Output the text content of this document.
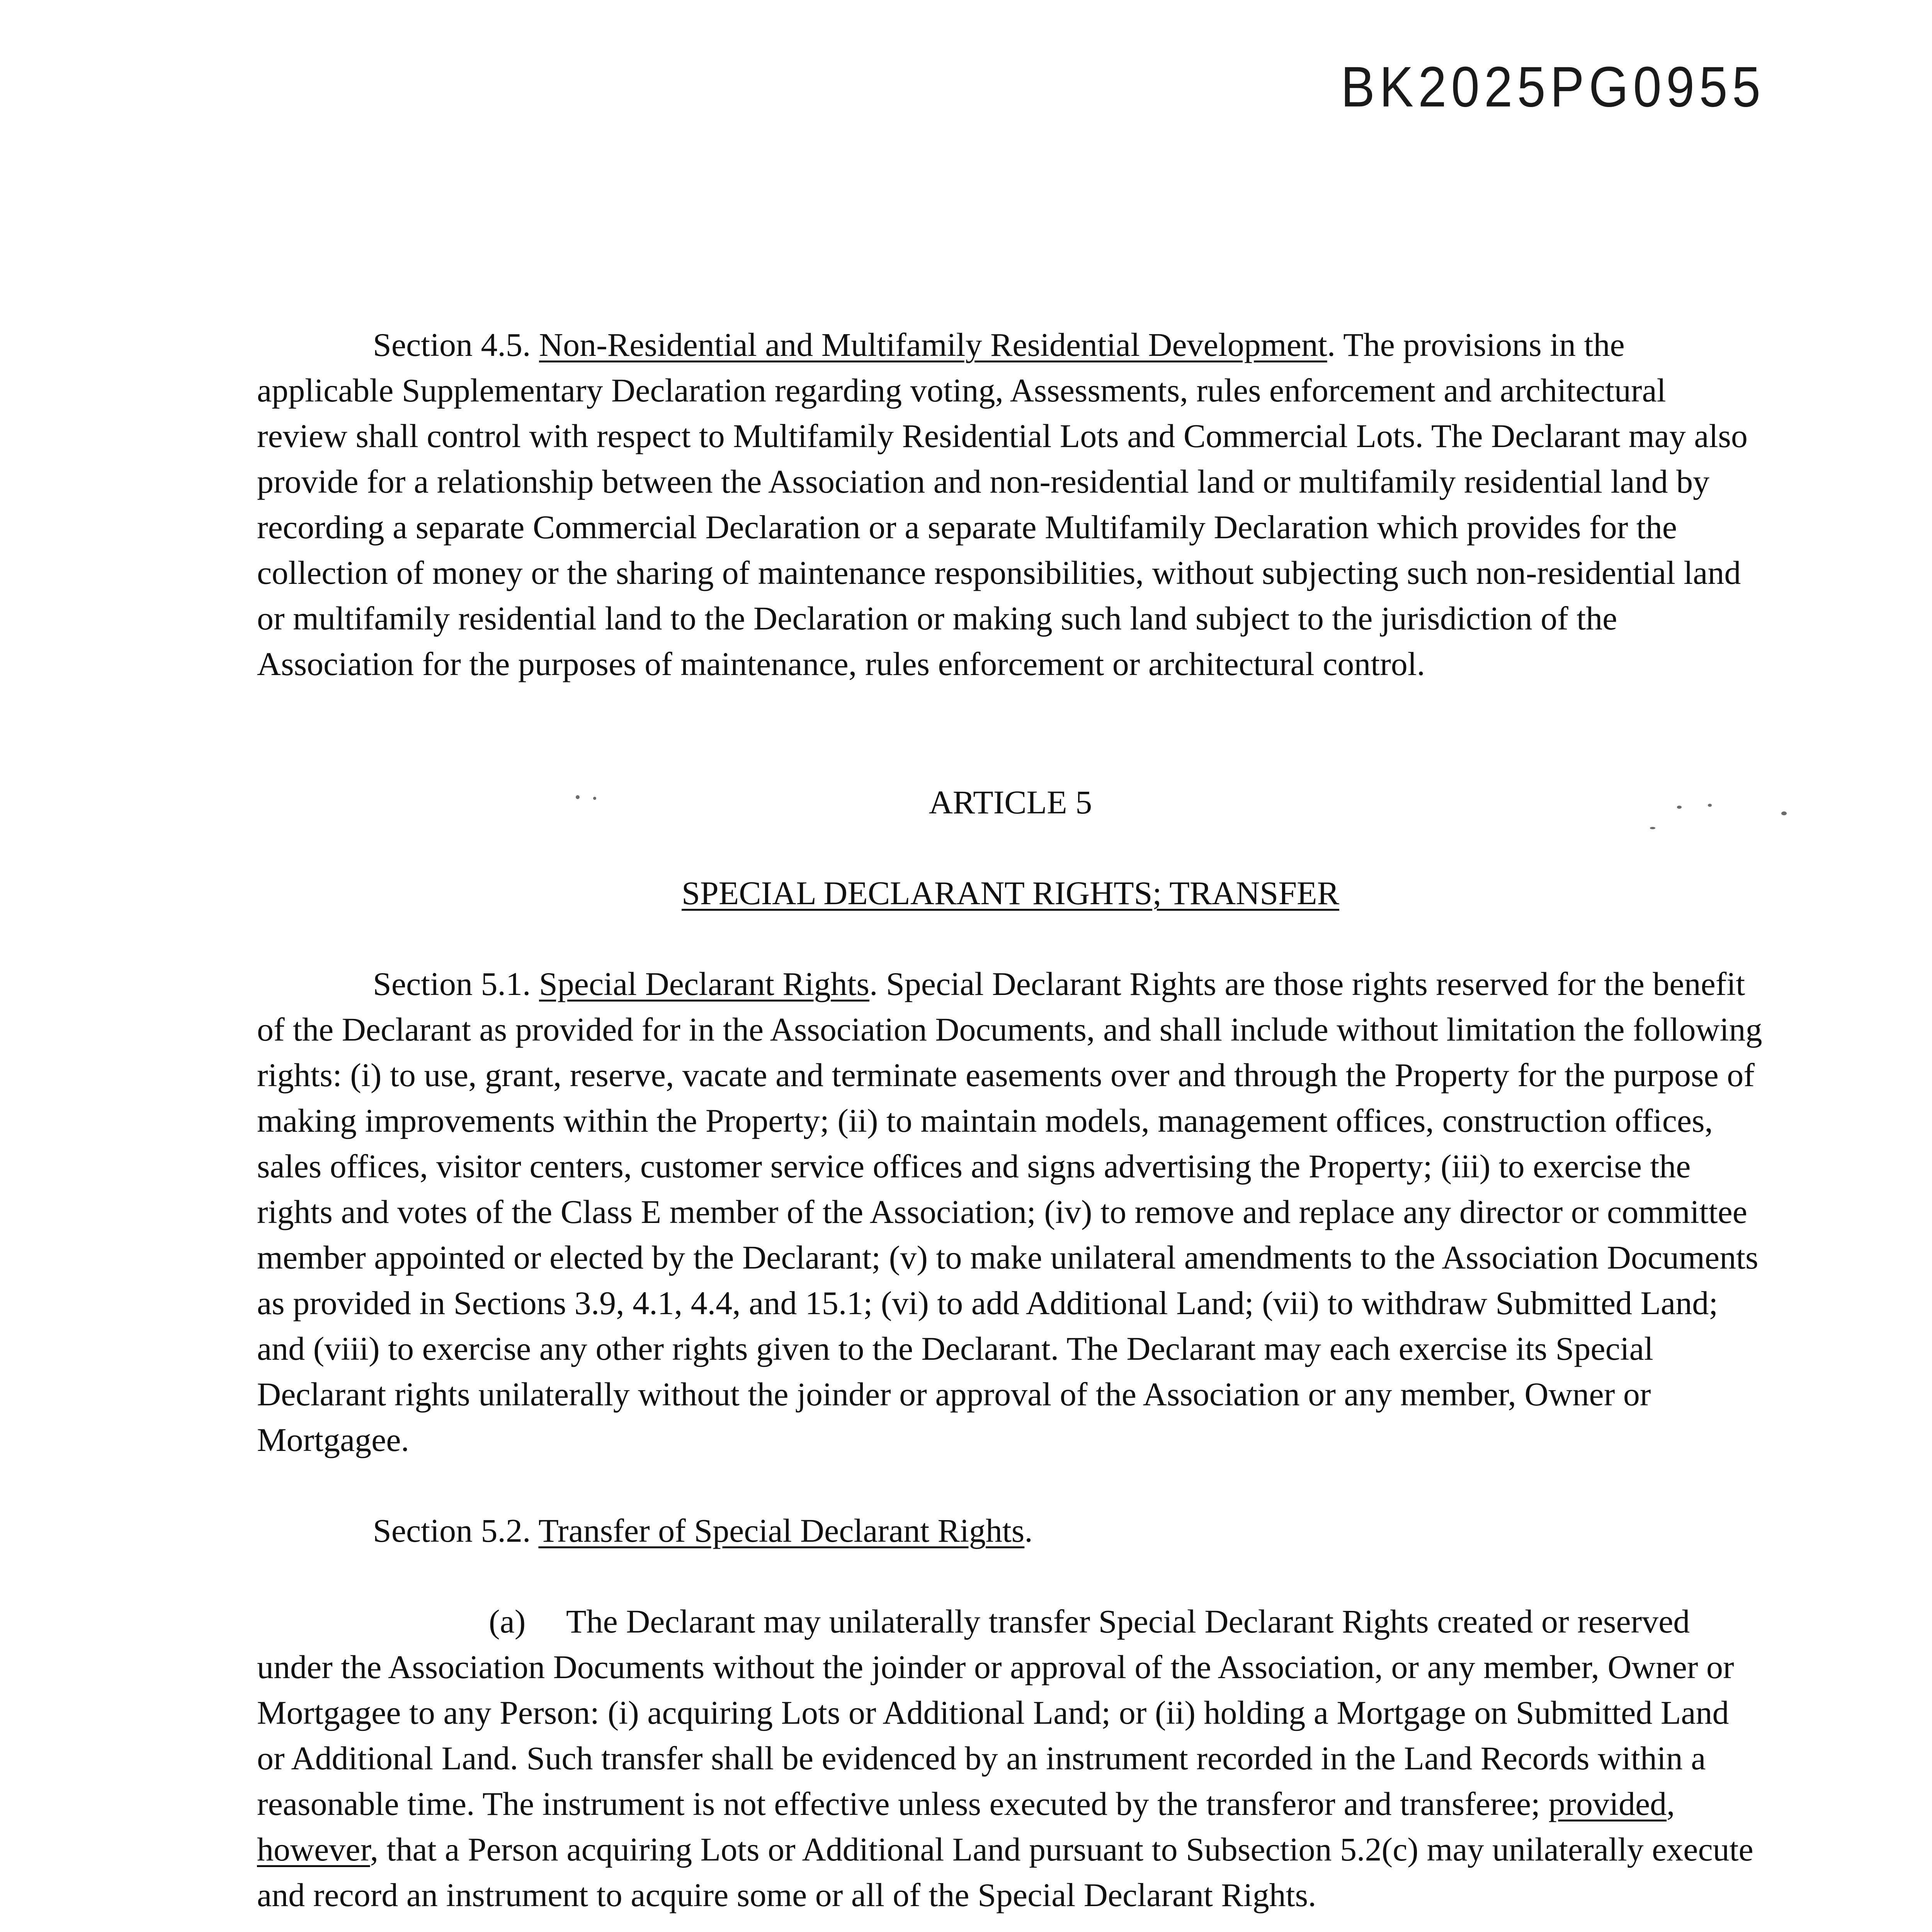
BK2025PG0955

Section 4.5. Non-Residential and Multifamily Residential Development. The provisions in the applicable Supplementary Declaration regarding voting, Assessments, rules enforcement and architectural review shall control with respect to Multifamily Residential Lots and Commercial Lots. The Declarant may also provide for a relationship between the Association and non-residential land or multifamily residential land by recording a separate Commercial Declaration or a separate Multifamily Declaration which provides for the collection of money or the sharing of maintenance responsibilities, without subjecting such non-residential land or multifamily residential land to the Declaration or making such land subject to the jurisdiction of the Association for the purposes of maintenance, rules enforcement or architectural control.

ARTICLE 5

SPECIAL DECLARANT RIGHTS; TRANSFER

Section 5.1. Special Declarant Rights. Special Declarant Rights are those rights reserved for the benefit of the Declarant as provided for in the Association Documents, and shall include without limitation the following rights: (i) to use, grant, reserve, vacate and terminate easements over and through the Property for the purpose of making improvements within the Property; (ii) to maintain models, management offices, construction offices, sales offices, visitor centers, customer service offices and signs advertising the Property; (iii) to exercise the rights and votes of the Class E member of the Association; (iv) to remove and replace any director or committee member appointed or elected by the Declarant; (v) to make unilateral amendments to the Association Documents as provided in Sections 3.9, 4.1, 4.4, and 15.1; (vi) to add Additional Land; (vii) to withdraw Submitted Land; and (viii) to exercise any other rights given to the Declarant. The Declarant may each exercise its Special Declarant rights unilaterally without the joinder or approval of the Association or any member, Owner or Mortgagee.

Section 5.2. Transfer of Special Declarant Rights.

(a) The Declarant may unilaterally transfer Special Declarant Rights created or reserved under the Association Documents without the joinder or approval of the Association, or any member, Owner or Mortgagee to any Person: (i) acquiring Lots or Additional Land; or (ii) holding a Mortgage on Submitted Land or Additional Land. Such transfer shall be evidenced by an instrument recorded in the Land Records within a reasonable time. The instrument is not effective unless executed by the transferor and transferee; provided, however, that a Person acquiring Lots or Additional Land pursuant to Subsection 5.2(c) may unilaterally execute and record an instrument to acquire some or all of the Special Declarant Rights.
